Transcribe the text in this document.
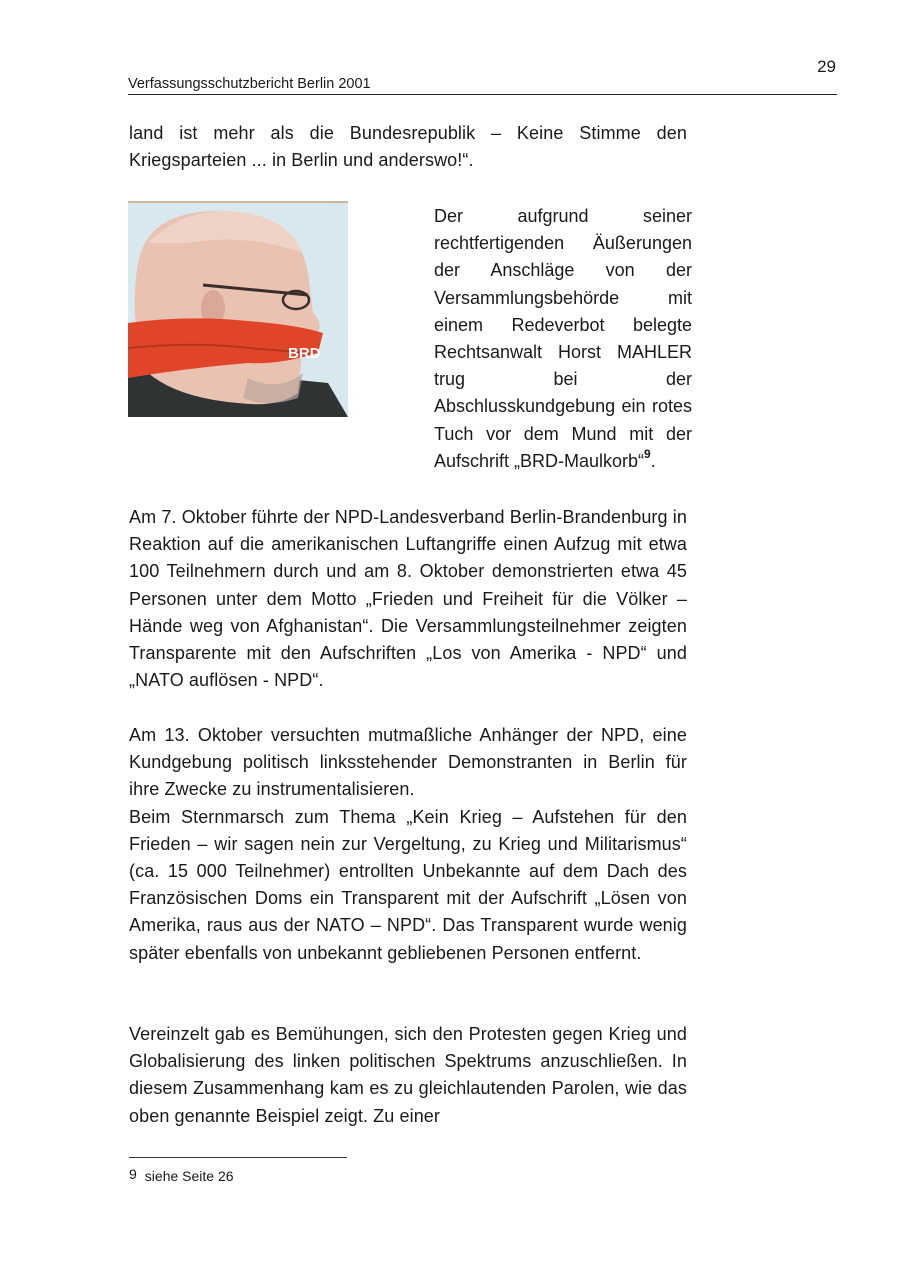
29
Verfassungsschutzbericht Berlin 2001

land ist mehr als die Bundesrepublik – Keine Stimme den Kriegsparteien ... in Berlin und anderswo!“.

BRD
Der aufgrund seiner rechtfertigenden Äußerungen der Anschläge von der Versammlungsbehörde mit einem Redeverbot belegte Rechtsanwalt Horst MAHLER trug bei der Abschlusskundgebung ein rotes Tuch vor dem Mund mit der Aufschrift „BRD-Maulkorb“$^9$.

Am 7. Oktober führte der NPD-Landesverband Berlin-Brandenburg in Reaktion auf die amerikanischen Luftangriffe einen Aufzug mit etwa 100 Teilnehmern durch und am 8. Oktober demonstrierten etwa 45 Personen unter dem Motto „Frieden und Freiheit für die Völker – Hände weg von Afghanistan“. Die Versammlungsteilnehmer zeigten Transparente mit den Aufschriften „Los von Amerika - NPD“ und „NATO auflösen - NPD“.

Am 13. Oktober versuchten mutmaßliche Anhänger der NPD, eine Kundgebung politisch linksstehender Demonstranten in Berlin für ihre Zwecke zu instrumentalisieren.
Beim Sternmarsch zum Thema „Kein Krieg – Aufstehen für den Frieden – wir sagen nein zur Vergeltung, zu Krieg und Militarismus“ (ca. 15 000 Teilnehmer) entrollten Unbekannte auf dem Dach des Französischen Doms ein Transparent mit der Aufschrift „Lösen von Amerika, raus aus der NATO – NPD“. Das Transparent wurde wenig später ebenfalls von unbekannt gebliebenen Personen entfernt.

Vereinzelt gab es Bemühungen, sich den Protesten gegen Krieg und Globalisierung des linken politischen Spektrums anzuschließen. In diesem Zusammenhang kam es zu gleichlautenden Parolen, wie das oben genannte Beispiel zeigt. Zu einer

9 siehe Seite 26
